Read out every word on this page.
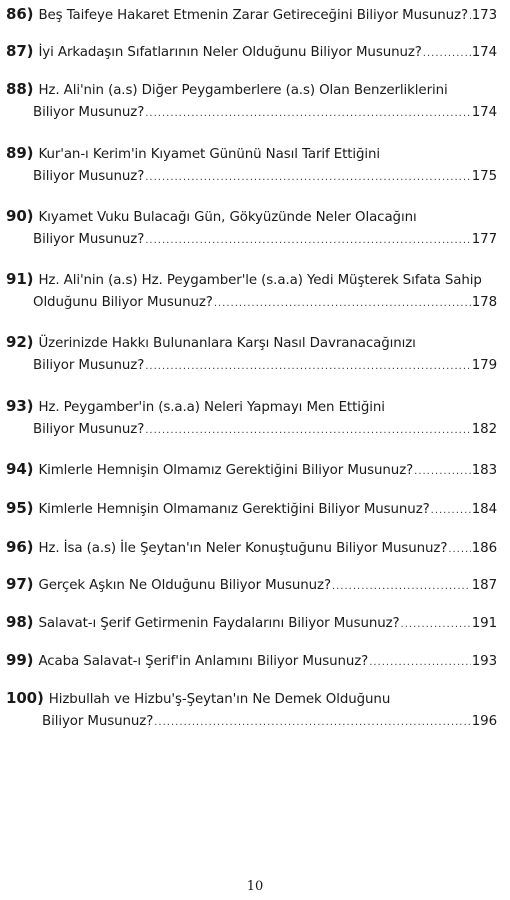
86) Beş Taifeye Hakaret Etmenin Zarar Getireceğini Biliyor Musunuz? ..... 173
87) İyi Arkadaşın Sıfatlarının Neler Olduğunu Biliyor Musunuz? .....	174
88) Hz. Ali'nin (a.s) Diğer Peygamberlere (a.s) Olan Benzerliklerini
Biliyor Musunuz? .....	174
89) Kur'an-ı Kerim'in Kıyamet Gününü Nasıl Tarif Ettiğini
Biliyor Musunuz? .....	175
90) Kıyamet Vuku Bulacağı Gün, Gökyüzünde Neler Olacağını
Biliyor Musunuz? .....	177
91) Hz. Ali'nin (a.s) Hz. Peygamber'le (s.a.a) Yedi Müşterek Sıfata Sahip
Olduğunu Biliyor Musunuz? .....	178
92) Üzerinizde Hakkı Bulunanlara Karşı Nasıl Davranacağınızı
Biliyor Musunuz? .....	179
93) Hz. Peygamber'in (s.a.a) Neleri Yapmayı Men Ettiğini
Biliyor Musunuz? .....	182
94) Kimlerle Hemnişin Olmamız Gerektiğini Biliyor Musunuz? .....	183
95) Kimlerle Hemnişin Olmamanız Gerektiğini Biliyor Musunuz? .....	184
96) Hz. İsa (a.s) İle Şeytan'ın Neler Konuştuğunu Biliyor Musunuz? ..... 186
97) Gerçek Aşkın Ne Olduğunu Biliyor Musunuz? .....	187
98) Salavat-ı Şerif Getirmenin Faydalarını Biliyor Musunuz? .....	191
99) Acaba Salavat-ı Şerif'in Anlamını Biliyor Musunuz? .....	193
100) Hizbullah ve Hizbu'ş-Şeytan'ın Ne Demek Olduğunu
Biliyor Musunuz? .....	196
10
